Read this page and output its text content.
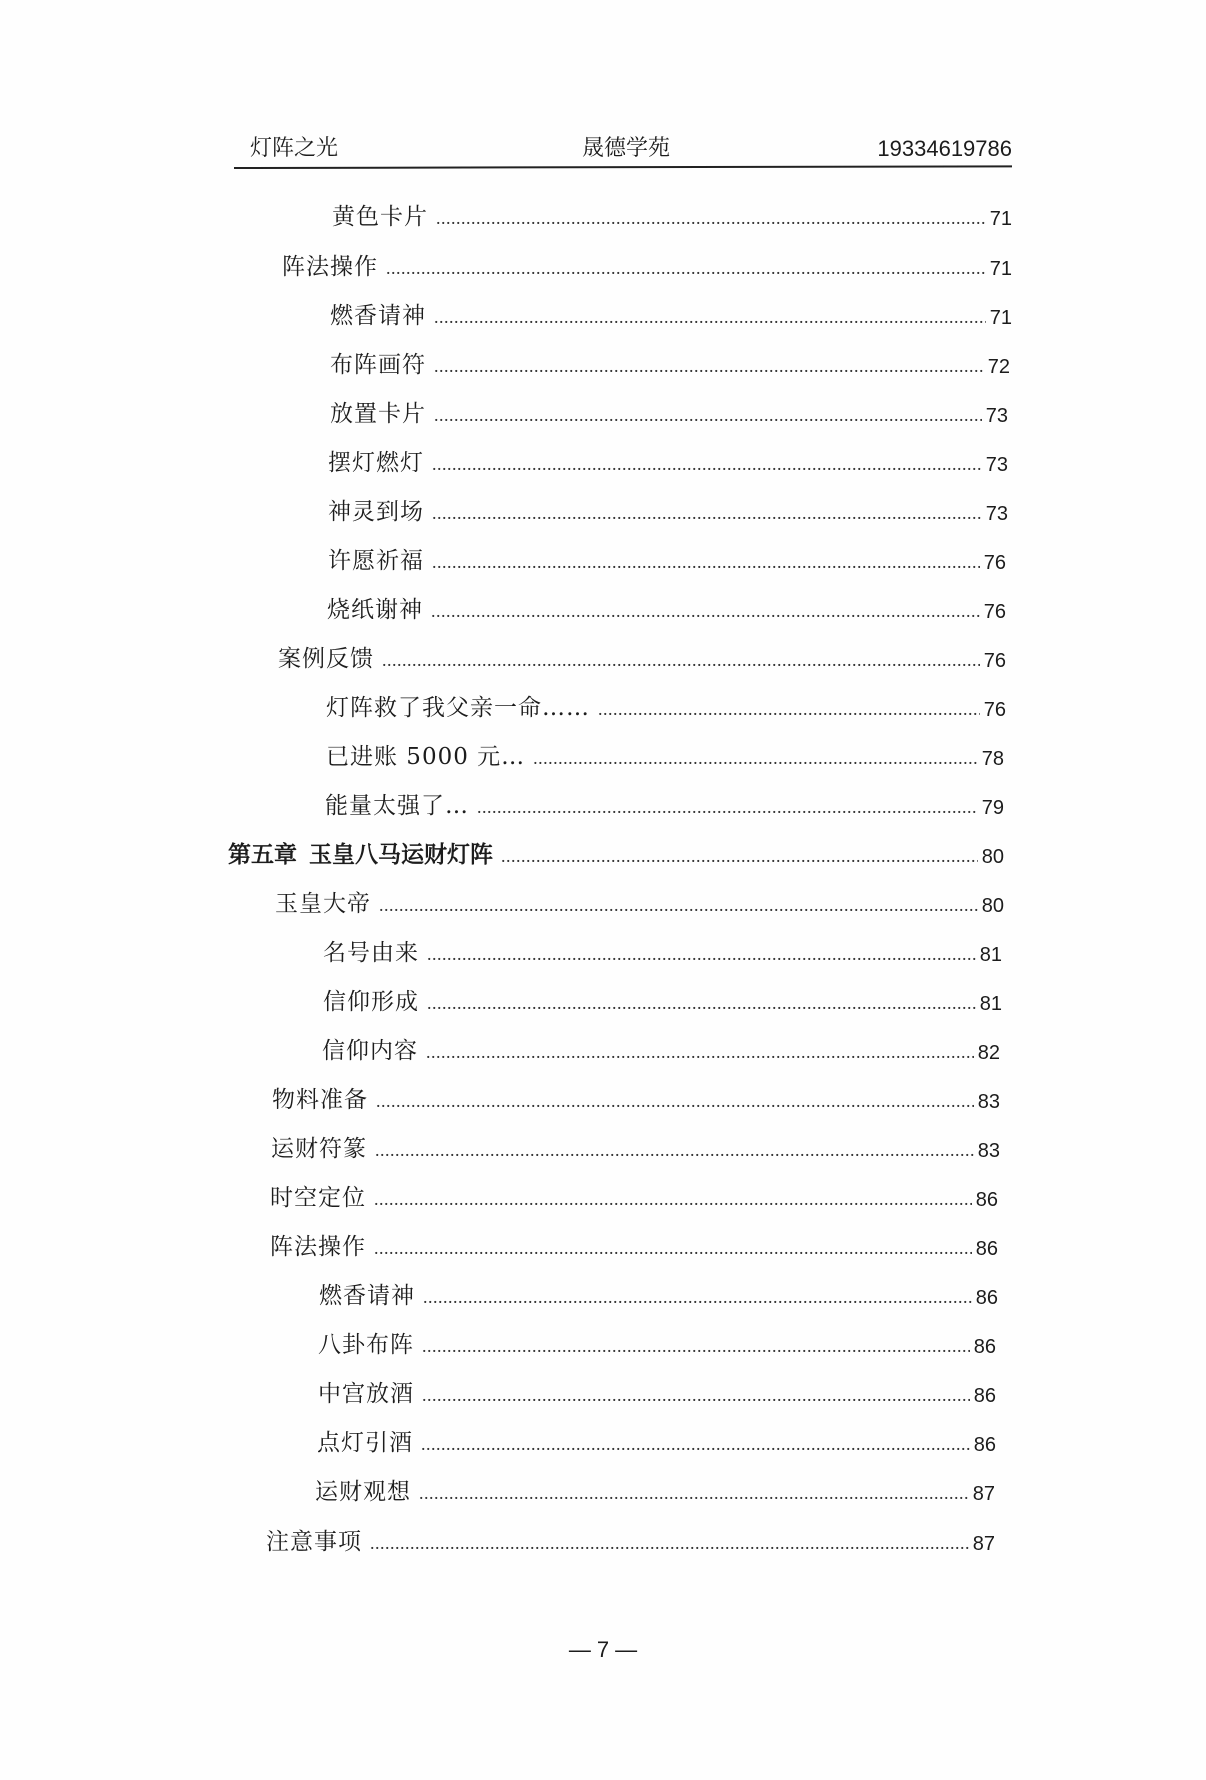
灯阵之光	晟德学苑	19334619786
黄色卡片 .....	71
阵法操作 .....	71
燃香请神 .....	71
布阵画符 .....	72
放置卡片 .....	73
摆灯燃灯 .....	73
神灵到场 .....	73
许愿祈福 .....	76
烧纸谢神 .....	76
案例反馈 .....	76
灯阵救了我父亲一命…… .....	76
已进账 5000 元… .....	78
能量太强了… .....	79
第五章 玉皇八马运财灯阵 .....	80
玉皇大帝 .....	80
名号由来 .....	81
信仰形成 .....	81
信仰内容 .....	82
物料准备 .....	83
运财符篆 .....	83
时空定位 .....	86
阵法操作 .....	86
燃香请神 .....	86
八卦布阵 .....	86
中宫放酒 .....	86
点灯引酒 .....	86
运财观想 .....	87
注意事项 .....	87
— 7 —
